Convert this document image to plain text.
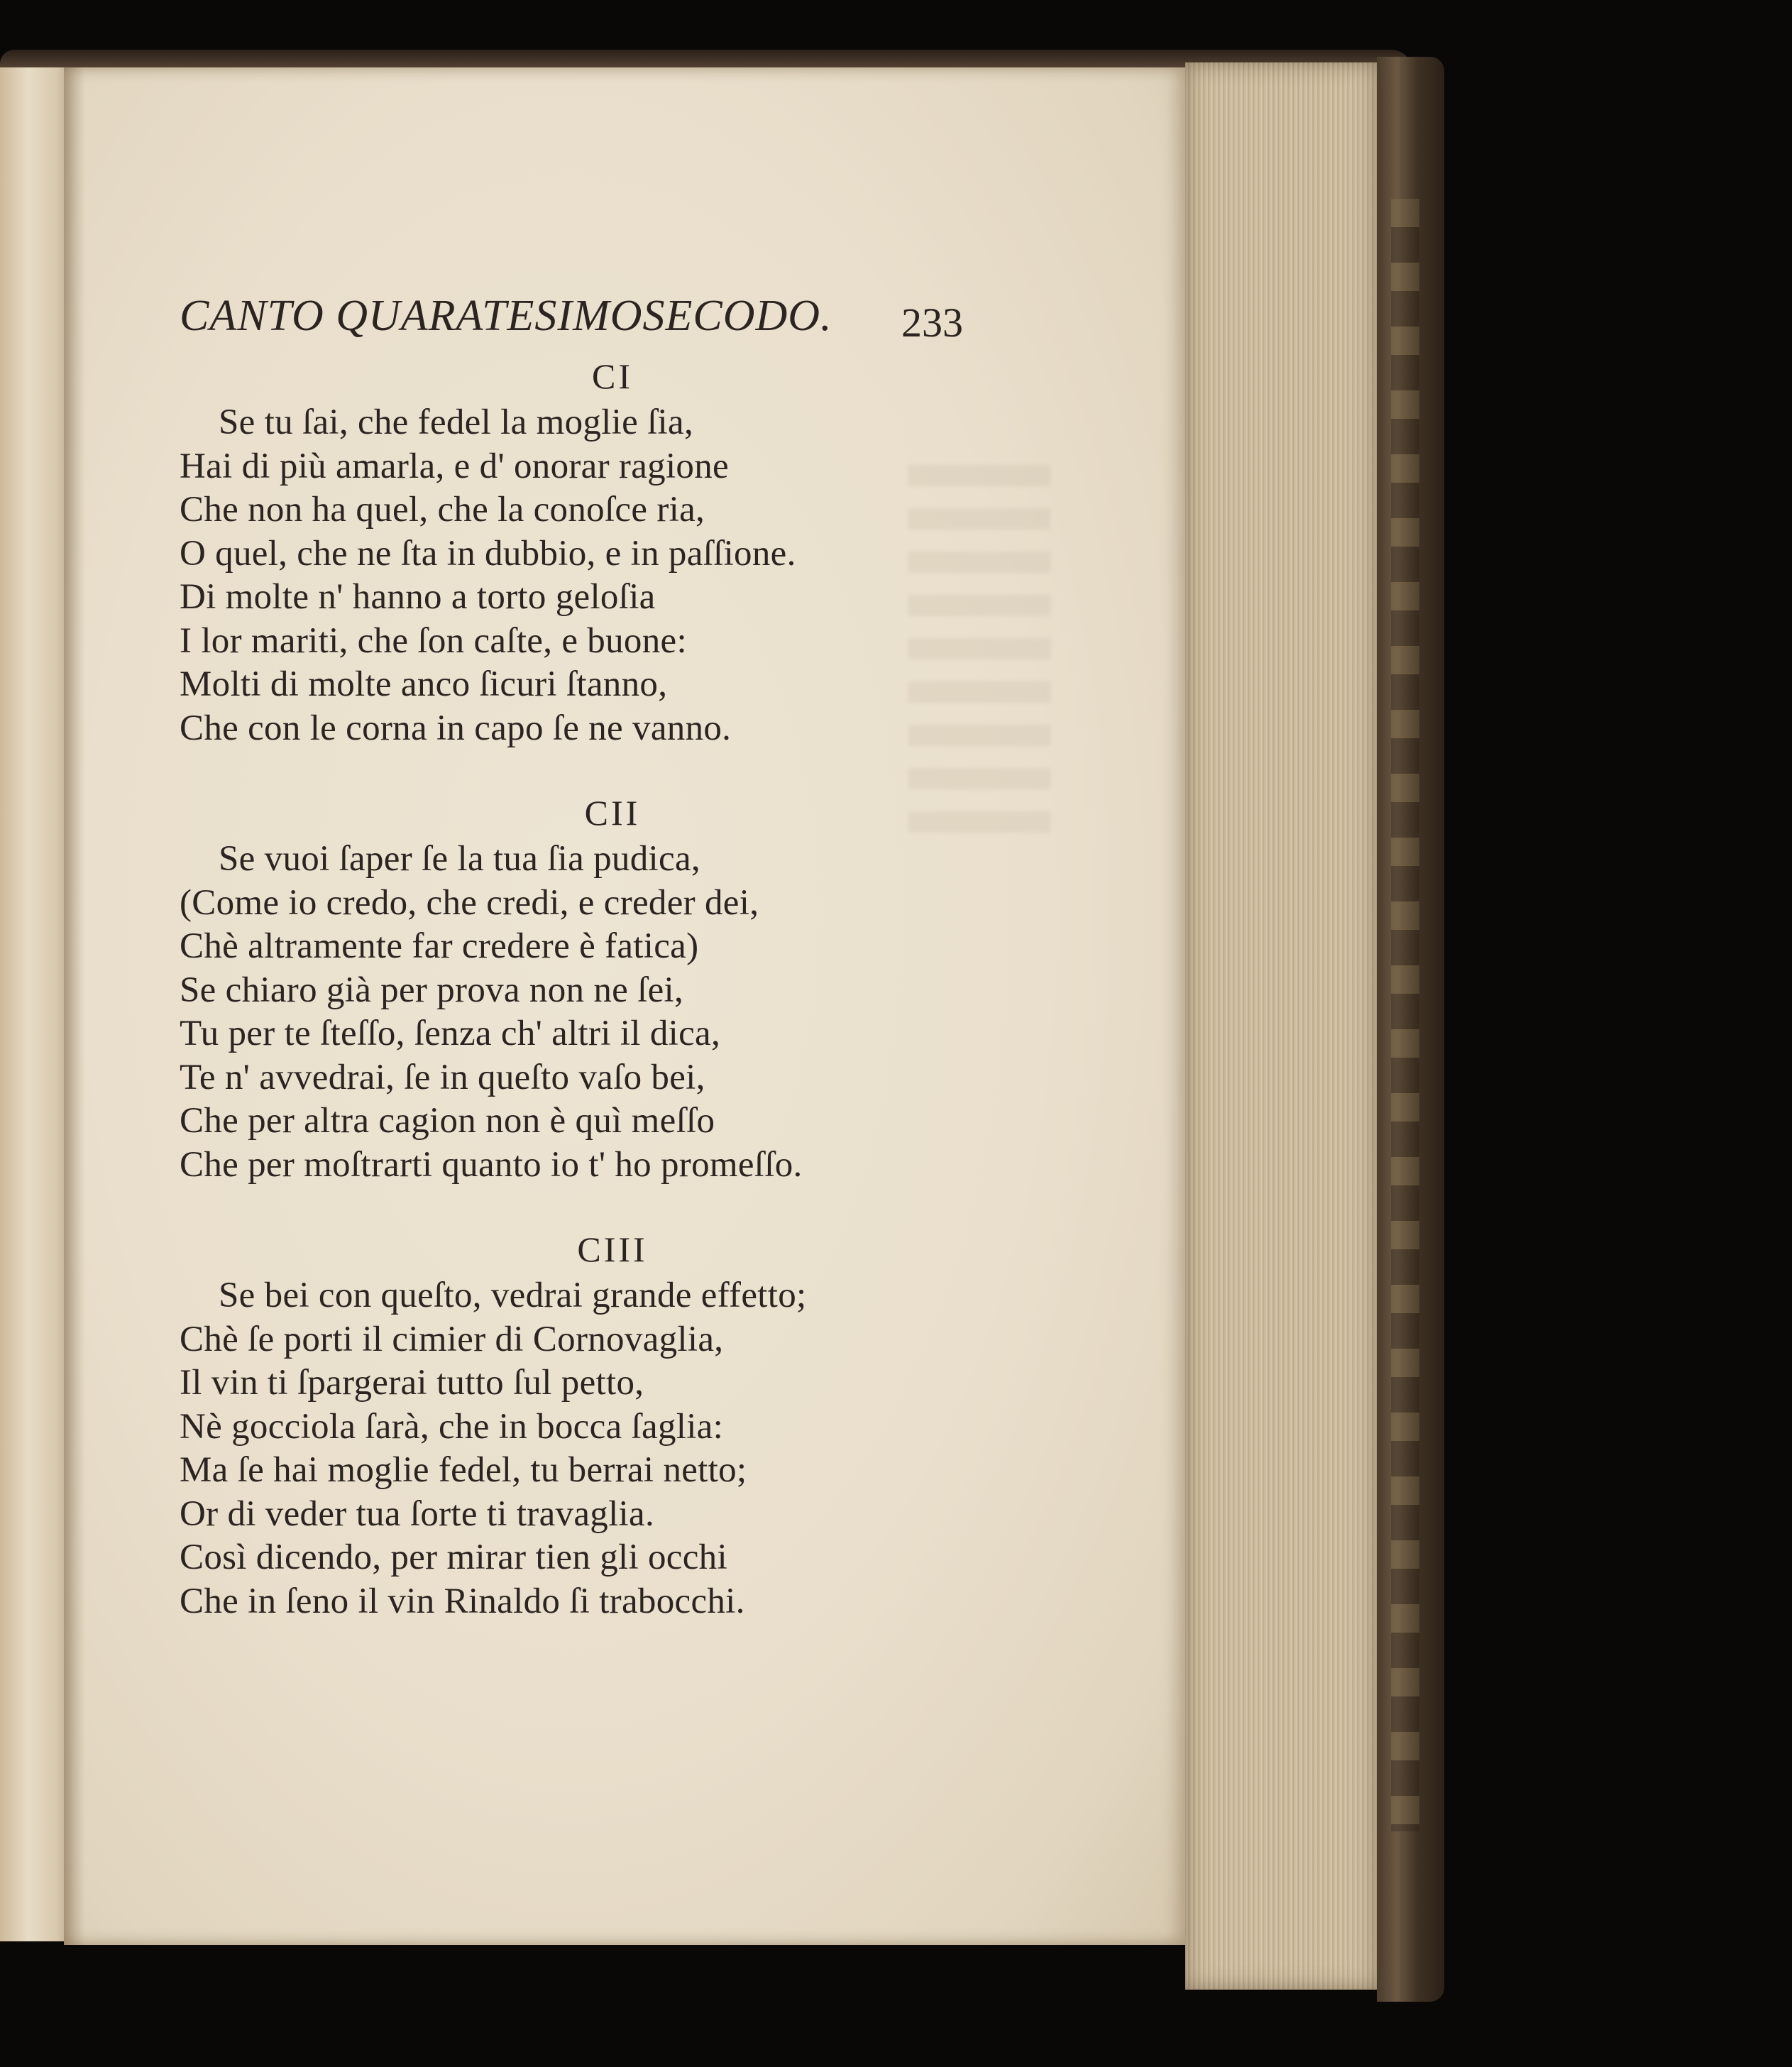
CANTO QUARATESIMOSECODO.	233
CI
Se tu ſai, che fedel la moglie ſia,
Hai di più amarla, e d' onorar ragione
Che non ha quel, che la conoſce ria,
O quel, che ne ſta in dubbio, e in paſſione.
Di molte n' hanno a torto geloſia
I lor mariti, che ſon caſte, e buone:
Molti di molte anco ſicuri ſtanno,
Che con le corna in capo ſe ne vanno.
CII
Se vuoi ſaper ſe la tua ſia pudica,
(Come io credo, che credi, e creder dei,
Chè altramente far credere è fatica)
Se chiaro già per prova non ne ſei,
Tu per te ſteſſo, ſenza ch' altri il dica,
Te n' avvedrai, ſe in queſto vaſo bei,
Che per altra cagion non è quì meſſo
Che per moſtrarti quanto io t' ho promeſſo.
CIII
Se bei con queſto, vedrai grande effetto;
Chè ſe porti il cimier di Cornovaglia,
Il vin ti ſpargerai tutto ſul petto,
Nè gocciola ſarà, che in bocca ſaglia:
Ma ſe hai moglie fedel, tu berrai netto;
Or di veder tua ſorte ti travaglia.
Così dicendo, per mirar tien gli occhi
Che in ſeno il vin Rinaldo ſi trabocchi.
